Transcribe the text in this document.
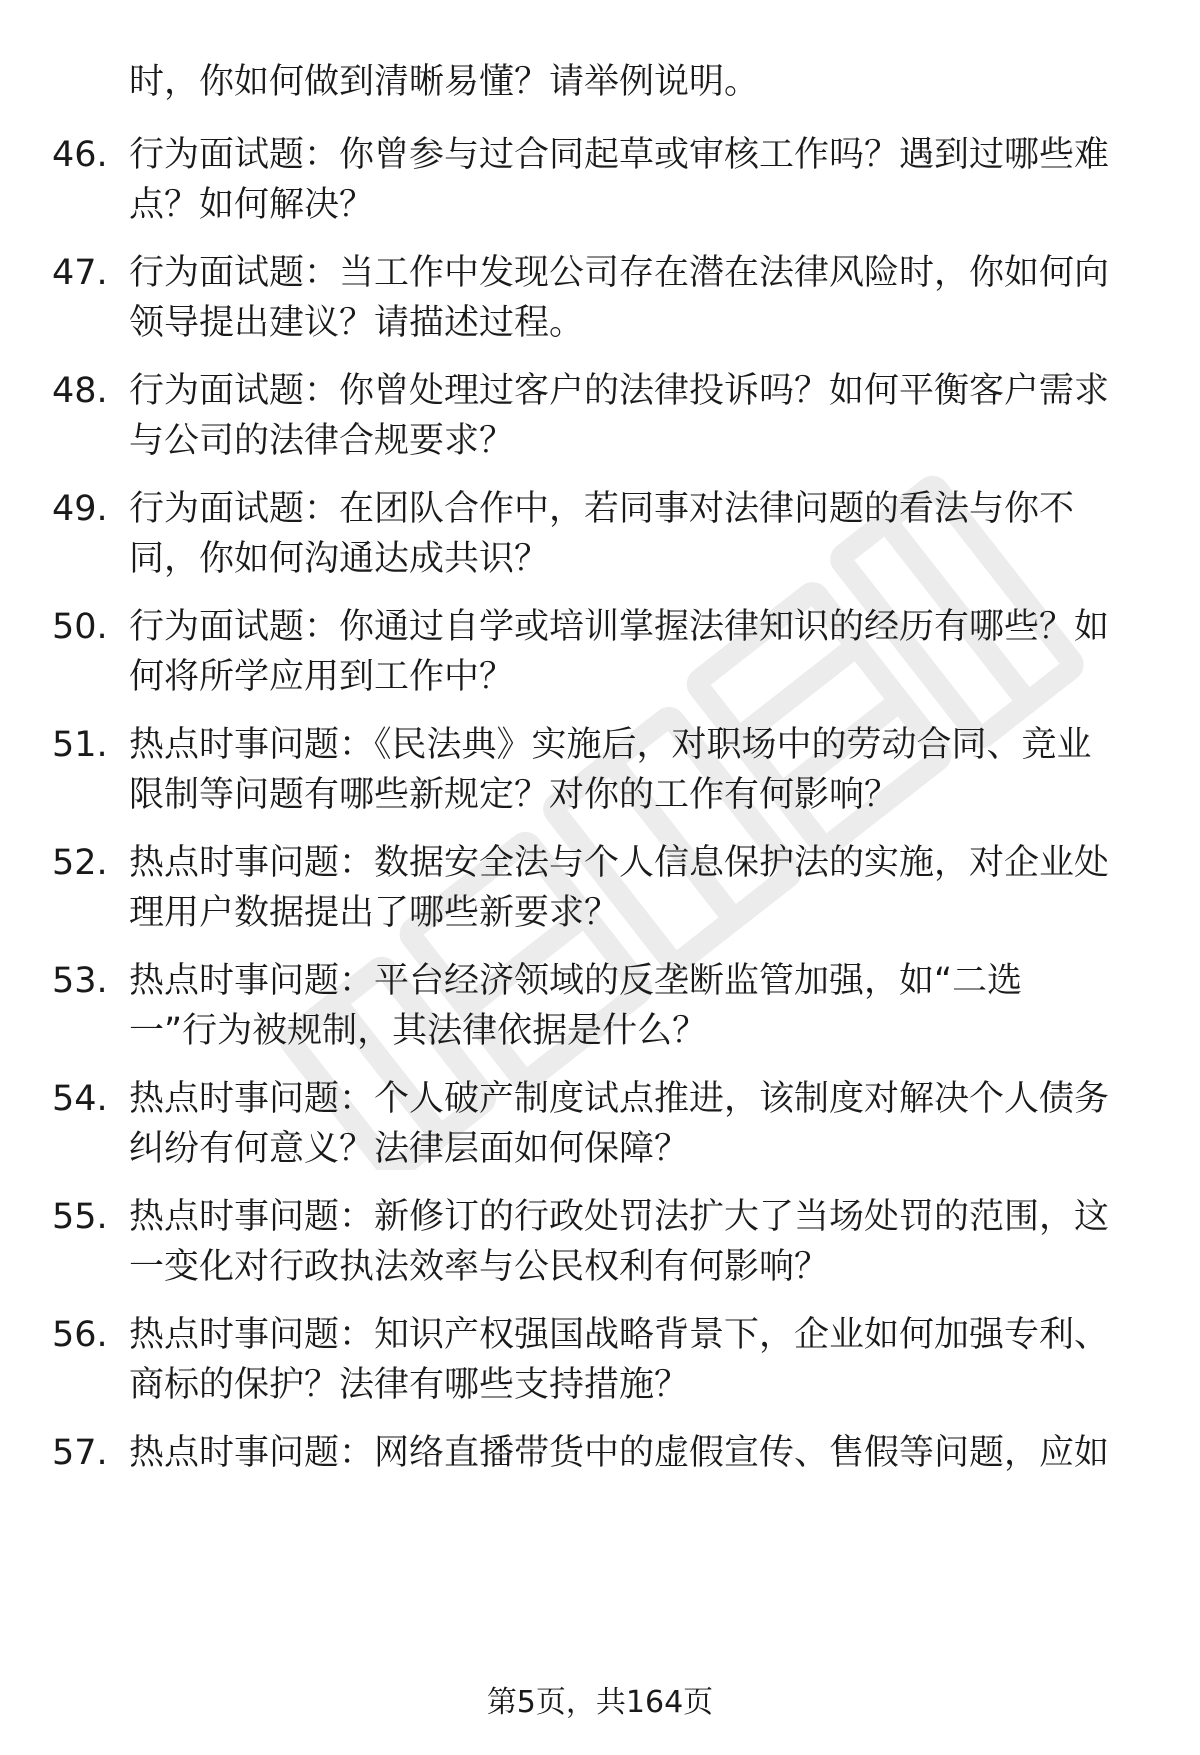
时，你如何做到清晰易懂？请举例说明。
46. 行为面试题：你曾参与过合同起草或审核工作吗？遇到过哪些难
点？如何解决？
47. 行为面试题：当工作中发现公司存在潜在法律风险时，你如何向
领导提出建议？请描述过程。
48. 行为面试题：你曾处理过客户的法律投诉吗？如何平衡客户需求
与公司的法律合规要求？
49. 行为面试题：在团队合作中，若同事对法律问题的看法与你不
同，你如何沟通达成共识？
50. 行为面试题：你通过自学或培训掌握法律知识的经历有哪些？如
何将所学应用到工作中？
51. 热点时事问题：《民法典》实施后，对职场中的劳动合同、竞业
限制等问题有哪些新规定？对你的工作有何影响？
52. 热点时事问题：数据安全法与个人信息保护法的实施，对企业处
理用户数据提出了哪些新要求？
53. 热点时事问题：平台经济领域的反垄断监管加强，如“二选
一”行为被规制，其法律依据是什么？
54. 热点时事问题：个人破产制度试点推进，该制度对解决个人债务
纠纷有何意义？法律层面如何保障？
55. 热点时事问题：新修订的行政处罚法扩大了当场处罚的范围，这
一变化对行政执法效率与公民权利有何影响？
56. 热点时事问题：知识产权强国战略背景下，企业如何加强专利、
商标的保护？法律有哪些支持措施？
57. 热点时事问题：网络直播带货中的虚假宣传、售假等问题，应如
第5页，共164页
